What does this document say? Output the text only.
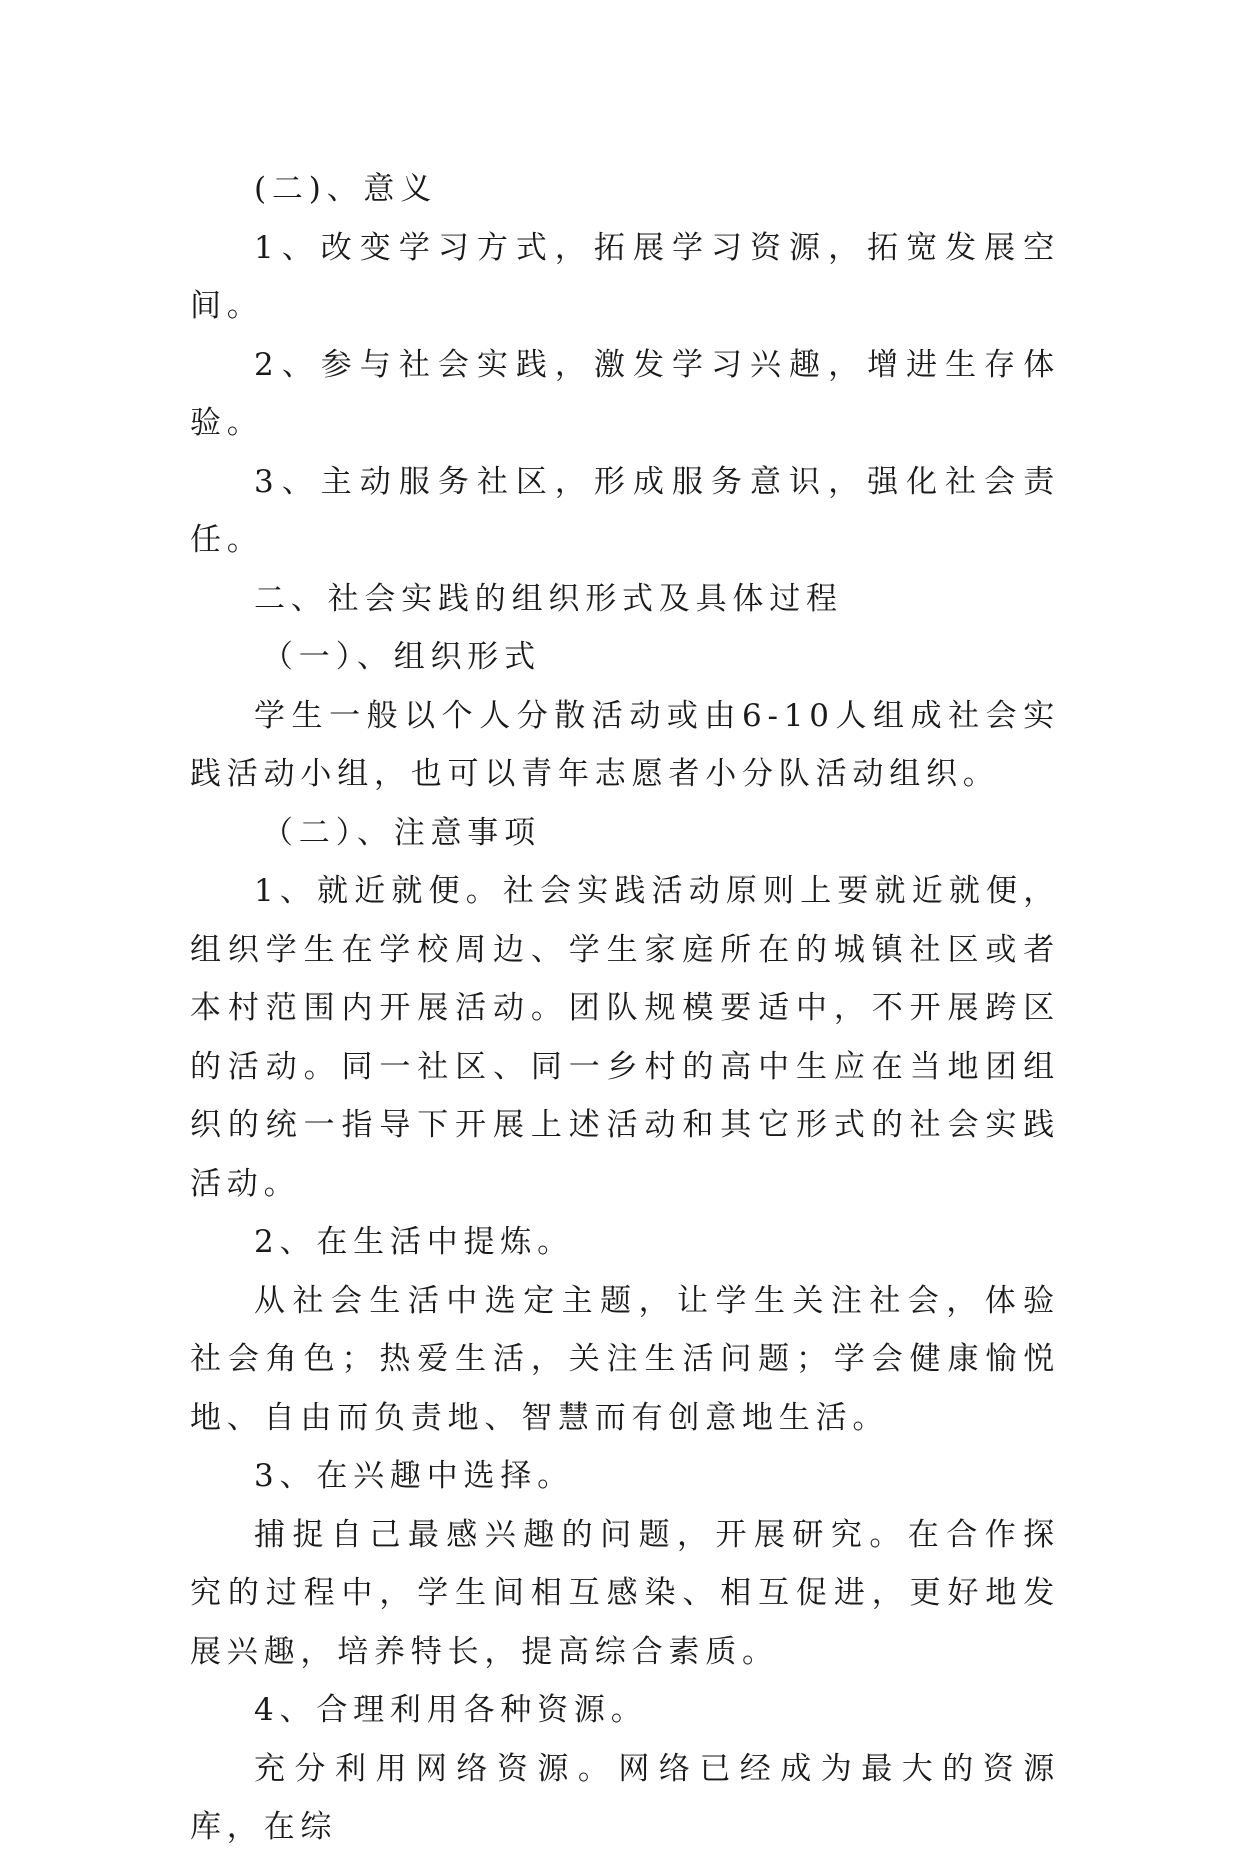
(二)、意义

1、改变学习方式，拓展学习资源，拓宽发展空间。

2、参与社会实践，激发学习兴趣，增进生存体验。

3、主动服务社区，形成服务意识，强化社会责任。

二、社会实践的组织形式及具体过程

（一）、组织形式

学生一般以个人分散活动或由6-10人组成社会实践活动小组，也可以青年志愿者小分队活动组织。

（二）、注意事项

1、就近就便。社会实践活动原则上要就近就便，组织学生在学校周边、学生家庭所在的城镇社区或者本村范围内开展活动。团队规模要适中，不开展跨区的活动。同一社区、同一乡村的高中生应在当地团组织的统一指导下开展上述活动和其它形式的社会实践活动。

2、在生活中提炼。

从社会生活中选定主题，让学生关注社会，体验社会角色；热爱生活，关注生活问题；学会健康愉悦地、自由而负责地、智慧而有创意地生活。

3、在兴趣中选择。

捕捉自己最感兴趣的问题，开展研究。在合作探究的过程中，学生间相互感染、相互促进，更好地发展兴趣，培养特长，提高综合素质。

4、合理利用各种资源。

充分利用网络资源。网络已经成为最大的资源库，在综
